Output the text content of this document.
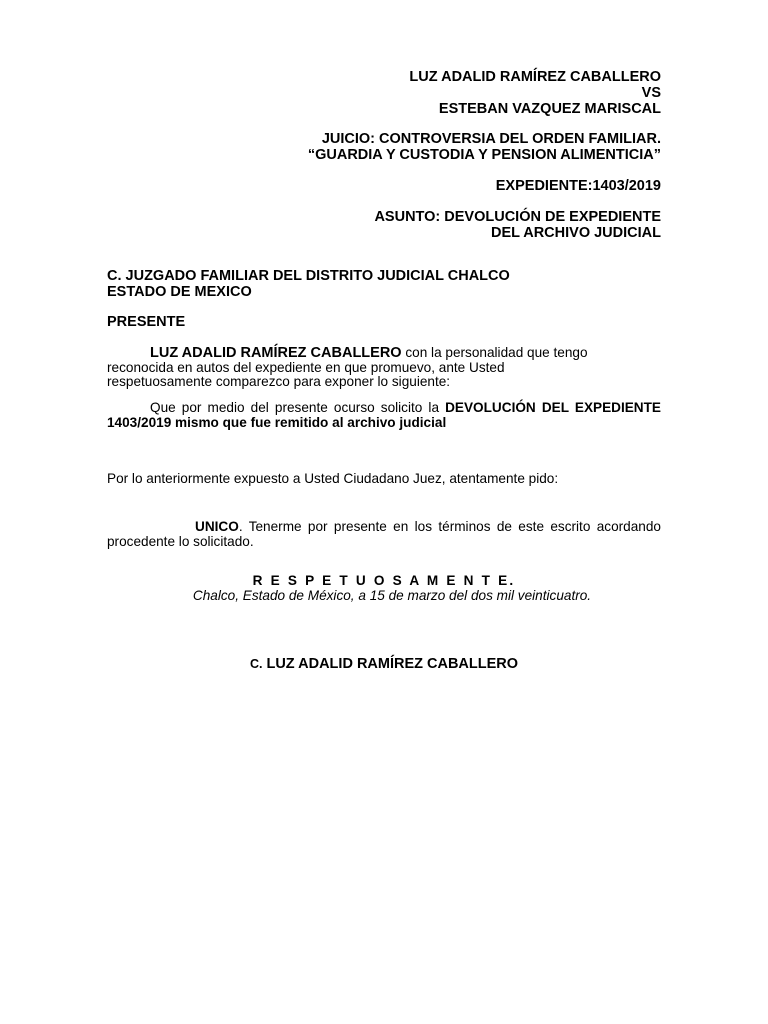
LUZ ADALID RAMÍREZ CABALLERO
VS
ESTEBAN VAZQUEZ MARISCAL
JUICIO: CONTROVERSIA DEL ORDEN FAMILIAR.
“GUARDIA Y CUSTODIA Y PENSION ALIMENTICIA”
EXPEDIENTE:1403/2019
ASUNTO: DEVOLUCIÓN DE EXPEDIENTE
DEL ARCHIVO JUDICIAL
C. JUZGADO FAMILIAR DEL DISTRITO JUDICIAL CHALCO
ESTADO DE MEXICO
PRESENTE
LUZ ADALID RAMÍREZ CABALLERO con la personalidad que tengo
reconocida en autos del expediente en que promuevo, ante Usted
respetuosamente comparezco para exponer lo siguiente:
Que por medio del presente ocurso solicito la DEVOLUCIÓN DEL EXPEDIENTE 1403/2019 mismo que fue remitido al archivo judicial
Por lo anteriormente expuesto a Usted Ciudadano Juez, atentamente pido:
UNICO. Tenerme por presente en los términos de este escrito acordando procedente lo solicitado.
R E S P E T U O S A M E N T E.
Chalco, Estado de México, a 15 de marzo del dos mil veinticuatro.
C. LUZ ADALID RAMÍREZ CABALLERO
